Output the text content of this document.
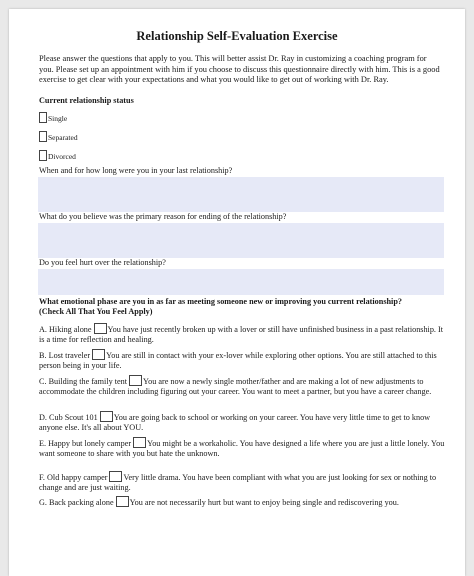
Relationship Self-Evaluation Exercise
Please answer the questions that apply to you. This will better assist Dr. Ray in customizing a coaching program for you. Please set up an appointment with him if you choose to discuss this questionnaire directly with him. This is a good exercise to get clear with your expectations and what you would like to get out of working with Dr. Ray.
Current relationship status
Single
Separated
Divorced
When and for how long were you in your last relationship?
What do you believe was the primary reason for ending of the relationship?
Do you feel hurt over the relationship?
What emotional phase are you in as far as meeting someone new or improving you current relationship?
(Check All That You Feel Apply)
A. Hiking alone You have just recently broken up with a lover or still have unfinished business in a past relationship. It is a time for reflection and healing.
B. Lost traveler You are still in contact with your ex-lover while exploring other options. You are still attached to this person being in your life.
C. Building the family tent You are now a newly single mother/father and are making a lot of new adjustments to accommodate the children including figuring out your career. You want to meet a partner, but you have a career change.
D. Cub Scout 101 You are going back to school or working on your career. You have very little time to get to know anyone else. It's all about YOU.
E. Happy but lonely camper You might be a workaholic. You have designed a life where you are just a little lonely. You want someone to share with you but hate the unknown.
F. Old happy camper Very little drama. You have been compliant with what you are just looking for sex or nothing to change and are just waiting.
G. Back packing alone You are not necessarily hurt but want to enjoy being single and rediscovering you.
